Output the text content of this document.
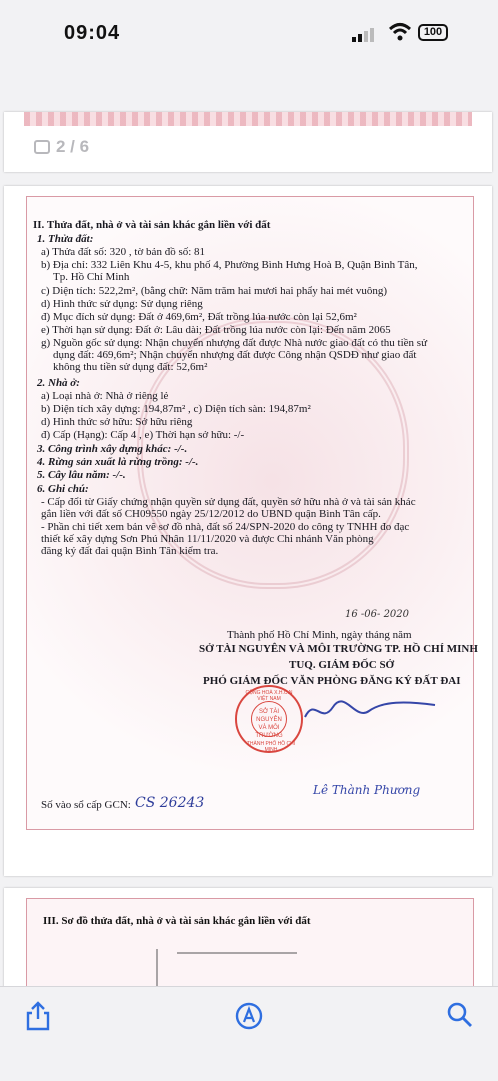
09:04	100
2 / 6
II. Thửa đất, nhà ở và tài sản khác gắn liền với đất
1. Thửa đất:
a) Thửa đất số: 320 , tờ bản đồ số: 81
b) Địa chỉ: 332 Liên Khu 4-5, khu phố 4, Phường Bình Hưng Hoà B, Quận Bình Tân,
Tp. Hồ Chí Minh
c) Diện tích: 522,2m², (bằng chữ: Năm trăm hai mươi hai phẩy hai mét vuông)
d) Hình thức sử dụng: Sử dụng riêng
đ) Mục đích sử dụng: Đất ở 469,6m², Đất trồng lúa nước còn lại 52,6m²
e) Thời hạn sử dụng: Đất ở: Lâu dài; Đất trồng lúa nước còn lại: Đến năm 2065
g) Nguồn gốc sử dụng: Nhận chuyển nhượng đất được Nhà nước giao đất có thu tiền sử
dụng đất: 469,6m²; Nhận chuyển nhượng đất được Công nhận QSDĐ như giao đất
không thu tiền sử dụng đất: 52,6m²
2. Nhà ở:
a) Loại nhà ở: Nhà ở riêng lẻ
b) Diện tích xây dựng: 194,87m² , c) Diện tích sàn: 194,87m²
d) Hình thức sở hữu: Sở hữu riêng
đ) Cấp (Hạng): Cấp 4 , e) Thời hạn sở hữu: -/-
3. Công trình xây dựng khác: -/-.
4. Rừng sản xuất là rừng trồng: -/-.
5. Cây lâu năm: -/-.
6. Ghi chú:
- Cấp đổi từ Giấy chứng nhận quyền sử dụng đất, quyền sở hữu nhà ở và tài sản khác
gắn liền với đất số CH09550 ngày 25/12/2012 do UBND quận Bình Tân cấp.
- Phần chi tiết xem bản vẽ sơ đồ nhà, đất số 24/SPN-2020 do công ty TNHH đo đạc
thiết kế xây dựng Sơn Phú Nhân 11/11/2020 và được Chi nhánh Văn phòng
đăng ký đất đai quận Bình Tân kiểm tra.
16 -06- 2020
Thành phố Hồ Chí Minh, ngày tháng năm
SỞ TÀI NGUYÊN VÀ MÔI TRƯỜNG TP. HỒ CHÍ MINH
TUQ. GIÁM ĐỐC SỞ
PHÓ GIÁM ĐỐC VĂN PHÒNG ĐĂNG KÝ ĐẤT ĐAI
CỘNG HOÀ X.H.C.N VIỆT NAM
SỞ TÀI NGUYÊN VÀ MÔI TRƯỜNG
THÀNH PHỐ HỒ CHÍ MINH
Lê Thành Phương
Số vào sổ cấp GCN: CS 26243
III. Sơ đồ thửa đất, nhà ở và tài sản khác gắn liền với đất
